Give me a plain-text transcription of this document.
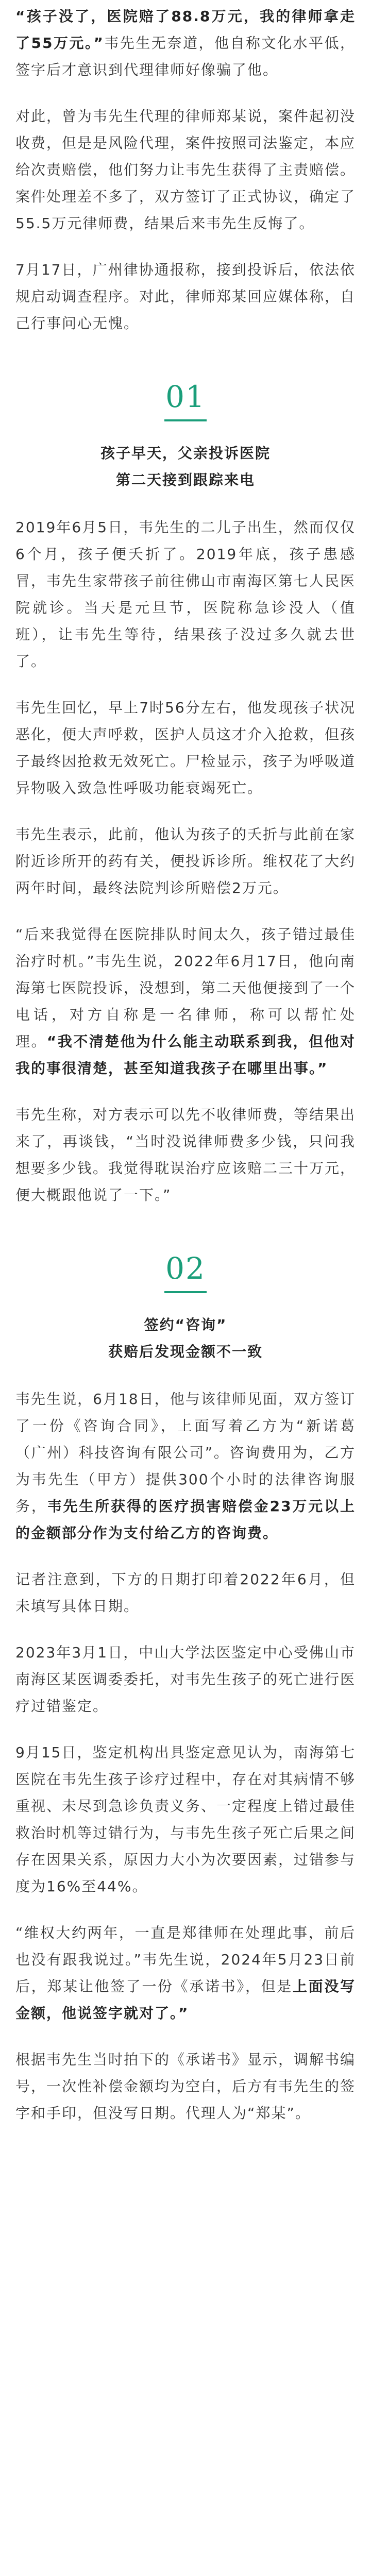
“孩子没了，医院赔了88.8万元，我的律师拿走了55万元。”韦先生无奈道，他自称文化水平低，签字后才意识到代理律师好像骗了他。

对此，曾为韦先生代理的律师郑某说，案件起初没收费，但是是风险代理，案件按照司法鉴定，本应给次责赔偿，他们努力让韦先生获得了主责赔偿。案件处理差不多了，双方签订了正式协议，确定了55.5万元律师费，结果后来韦先生反悔了。

7月17日，广州律协通报称，接到投诉后，依法依规启动调查程序。对此，律师郑某回应媒体称，自己行事问心无愧。

01

孩子早天，父亲投诉医院

第二天接到跟踪来电

2019年6月5日，韦先生的二儿子出生，然而仅仅6个月，孩子便夭折了。2019年底，孩子患感冒，韦先生家带孩子前往佛山市南海区第七人民医院就诊。当天是元旦节，医院称急诊没人（值班），让韦先生等待，结果孩子没过多久就去世了。

韦先生回忆，早上7时56分左右，他发现孩子状况恶化，便大声呼救，医护人员这才介入抢救，但孩子最终因抢救无效死亡。尸检显示，孩子为呼吸道异物吸入致急性呼吸功能衰竭死亡。

韦先生表示，此前，他认为孩子的夭折与此前在家附近诊所开的药有关，便投诉诊所。维权花了大约两年时间，最终法院判诊所赔偿2万元。

“后来我觉得在医院排队时间太久，孩子错过最佳治疗时机。”韦先生说，2022年6月17日，他向南海第七医院投诉，没想到，第二天他便接到了一个电话，对方自称是一名律师，称可以帮忙处理。“我不清楚他为什么能主动联系到我，但他对我的事很清楚，甚至知道我孩子在哪里出事。”

韦先生称，对方表示可以先不收律师费，等结果出来了，再谈钱，“当时没说律师费多少钱，只问我想要多少钱。我觉得耽误治疗应该赔二三十万元，便大概跟他说了一下。”

02

签约“咨询”

获赔后发现金额不一致

韦先生说，6月18日，他与该律师见面，双方签订了一份《咨询合同》，上面写着乙方为“新诺葛（广州）科技咨询有限公司”。咨询费用为，乙方为韦先生（甲方）提供300个小时的法律咨询服务，韦先生所获得的医疗损害赔偿金23万元以上的金额部分作为支付给乙方的咨询费。

记者注意到，下方的日期打印着2022年6月，但未填写具体日期。

2023年3月1日，中山大学法医鉴定中心受佛山市南海区某医调委委托，对韦先生孩子的死亡进行医疗过错鉴定。

9月15日，鉴定机构出具鉴定意见认为，南海第七医院在韦先生孩子诊疗过程中，存在对其病情不够重视、未尽到急诊负责义务、一定程度上错过最佳救治时机等过错行为，与韦先生孩子死亡后果之间存在因果关系，原因力大小为次要因素，过错参与度为16%至44%。

“维权大约两年，一直是郑律师在处理此事，前后也没有跟我说过。”韦先生说，2024年5月23日前后，郑某让他签了一份《承诺书》，但是上面没写金额，他说签字就对了。”

根据韦先生当时拍下的《承诺书》显示，调解书编号，一次性补偿金额均为空白，后方有韦先生的签字和手印，但没写日期。代理人为“郑某”。
